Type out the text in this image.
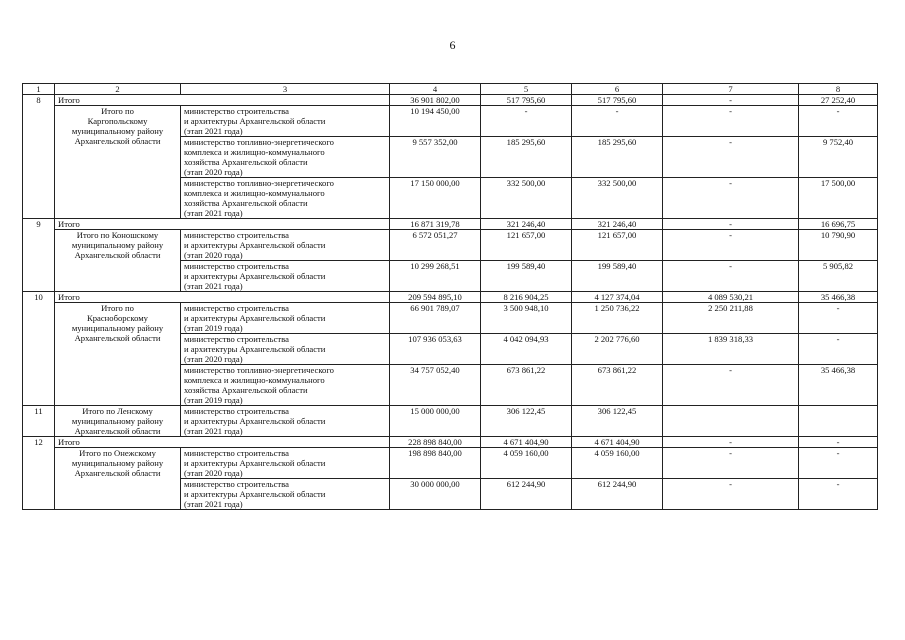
6
1	2	3	4	5	6	7	8
8	Итого		36 901 802,00	517 795,60	517 795,60	-	27 252,40

	Итого по
Каргопольскому
муниципальному району
Архангельской области	министерство строительства
и архитектуры Архангельской области
(этап 2021 года)	10 194 450,00	-	-	-	-

		министерство топливно-энергетического
комплекса и жилищно-коммунального
хозяйства Архангельской области
(этап 2020 года)	9 557 352,00	185 295,60	185 295,60	-	9 752,40

		министерство топливно-энергетического
комплекса и жилищно-коммунального
хозяйства Архангельской области
(этап 2021 года)	17 150 000,00	332 500,00	332 500,00	-	17 500,00
9	Итого		16 871 319,78	321 246,40	321 246,40	-	16 696,75

	Итого по Коношскому
муниципальному району
Архангельской области	министерство строительства
и архитектуры Архангельской области
(этап 2020 года)	6 572 051,27	121 657,00	121 657,00	-	10 790,90

		министерство строительства
и архитектуры Архангельской области
(этап 2021 года)	10 299 268,51	199 589,40	199 589,40	-	5 905,82
10	Итого		209 594 895,10	8 216 904,25	4 127 374,04	4 089 530,21	35 466,38

	Итого по
Красноборскому
муниципальному району
Архангельской области	министерство строительства
и архитектуры Архангельской области
(этап 2019 года)	66 901 789,07	3 500 948,10	1 250 736,22	2 250 211,88	-

		министерство строительства
и архитектуры Архангельской области
(этап 2020 года)	107 936 053,63	4 042 094,93	2 202 776,60	1 839 318,33	-

		министерство топливно-энергетического
комплекса и жилищно-коммунального
хозяйства Архангельской области
(этап 2019 года)	34 757 052,40	673 861,22	673 861,22	-	35 466,38
11	Итого по Ленскому
муниципальному району
Архангельской области	министерство строительства
и архитектуры Архангельской области
(этап 2021 года)	15 000 000,00	306 122,45	306 122,45		
12	Итого		228 898 840,00	4 671 404,90	4 671 404,90	-	-

	Итого по Онежскому
муниципальному району
Архангельской области	министерство строительства
и архитектуры Архангельской области
(этап 2020 года)	198 898 840,00	4 059 160,00	4 059 160,00	-	-

		министерство строительства
и архитектуры Архангельской области
(этап 2021 года)	30 000 000,00	612 244,90	612 244,90	-	-
